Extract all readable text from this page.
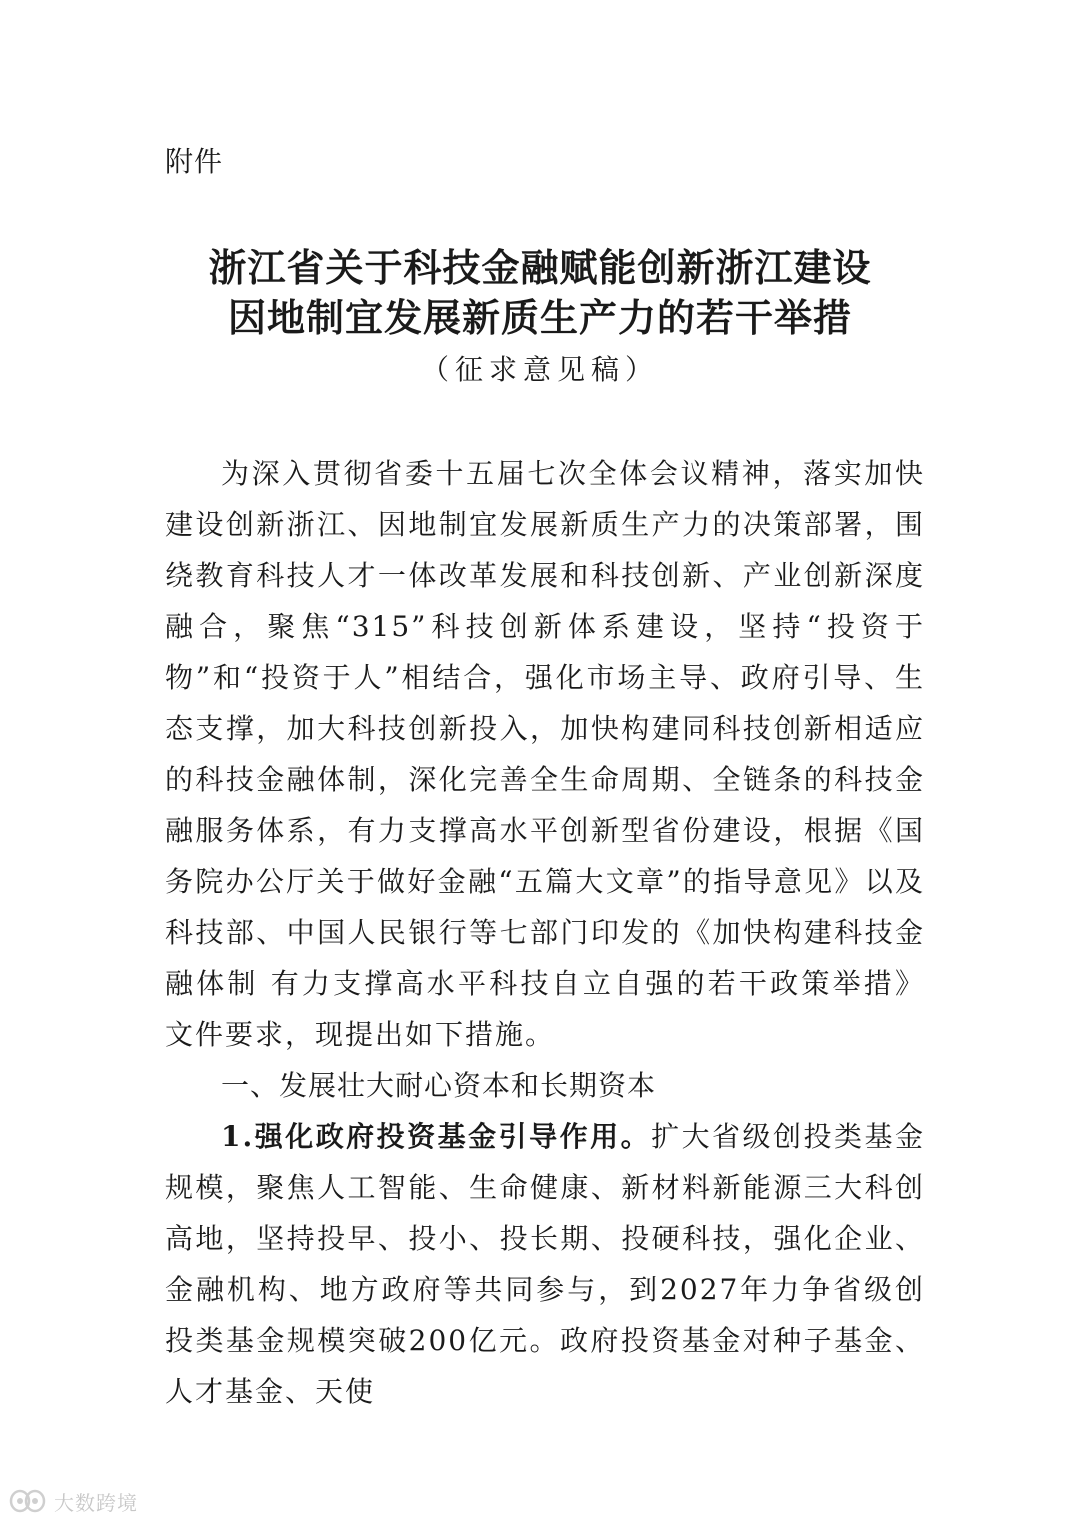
附件
浙江省关于科技金融赋能创新浙江建设
因地制宜发展新质生产力的若干举措
（征求意见稿）
为深入贯彻省委十五届七次全体会议精神，落实加快建设创新浙江、因地制宜发展新质生产力的决策部署，围绕教育科技人才一体改革发展和科技创新、产业创新深度融合，聚焦“315”科技创新体系建设，坚持“投资于物”和“投资于人”相结合，强化市场主导、政府引导、生态支撑，加大科技创新投入，加快构建同科技创新相适应的科技金融体制，深化完善全生命周期、全链条的科技金融服务体系，有力支撑高水平创新型省份建设，根据《国务院办公厅关于做好金融“五篇大文章”的指导意见》以及科技部、中国人民银行等七部门印发的《加快构建科技金融体制 有力支撑高水平科技自立自强的若干政策举措》文件要求，现提出如下措施。
一、发展壮大耐心资本和长期资本
1.强化政府投资基金引导作用。扩大省级创投类基金规模，聚焦人工智能、生命健康、新材料新能源三大科创高地，坚持投早、投小、投长期、投硬科技，强化企业、金融机构、地方政府等共同参与，到2027年力争省级创投类基金规模突破200亿元。政府投资基金对种子基金、人才基金、天使
大数跨境
